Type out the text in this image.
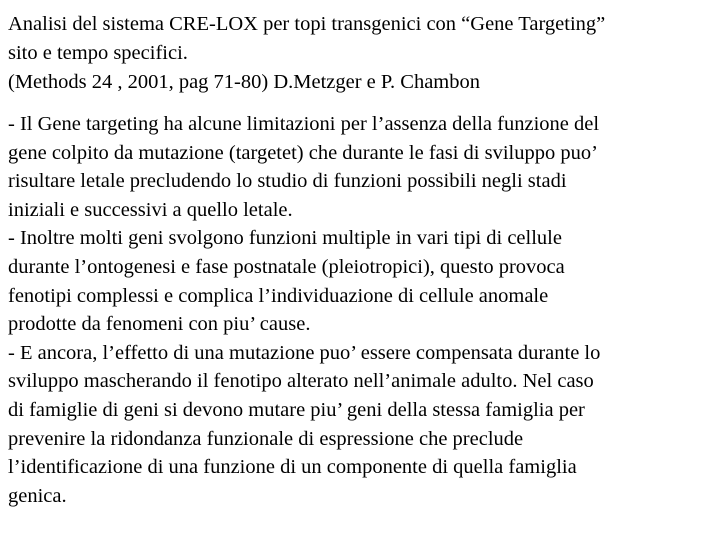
Analisi del sistema CRE-LOX per topi transgenici con “Gene Targeting”
sito e tempo specifici.
(Methods 24 , 2001, pag 71-80) D.Metzger e P. Chambon
- Il Gene targeting ha alcune limitazioni per l’assenza della funzione del
gene colpito da mutazione (targetet) che durante le fasi di sviluppo puo’
risultare letale precludendo lo studio di funzioni possibili negli stadi
iniziali e successivi a quello letale.
- Inoltre molti geni svolgono funzioni multiple in vari tipi di cellule
durante l’ontogenesi e fase postnatale (pleiotropici), questo provoca
fenotipi complessi e complica l’individuazione di cellule anomale
prodotte da fenomeni con piu’ cause.
- E ancora, l’effetto di una mutazione puo’ essere compensata durante lo
sviluppo mascherando il fenotipo alterato nell’animale adulto. Nel caso
di famiglie di geni si devono mutare piu’ geni della stessa famiglia per
prevenire la ridondanza funzionale di espressione che preclude
l’identificazione di una funzione di un componente di quella famiglia
genica.
